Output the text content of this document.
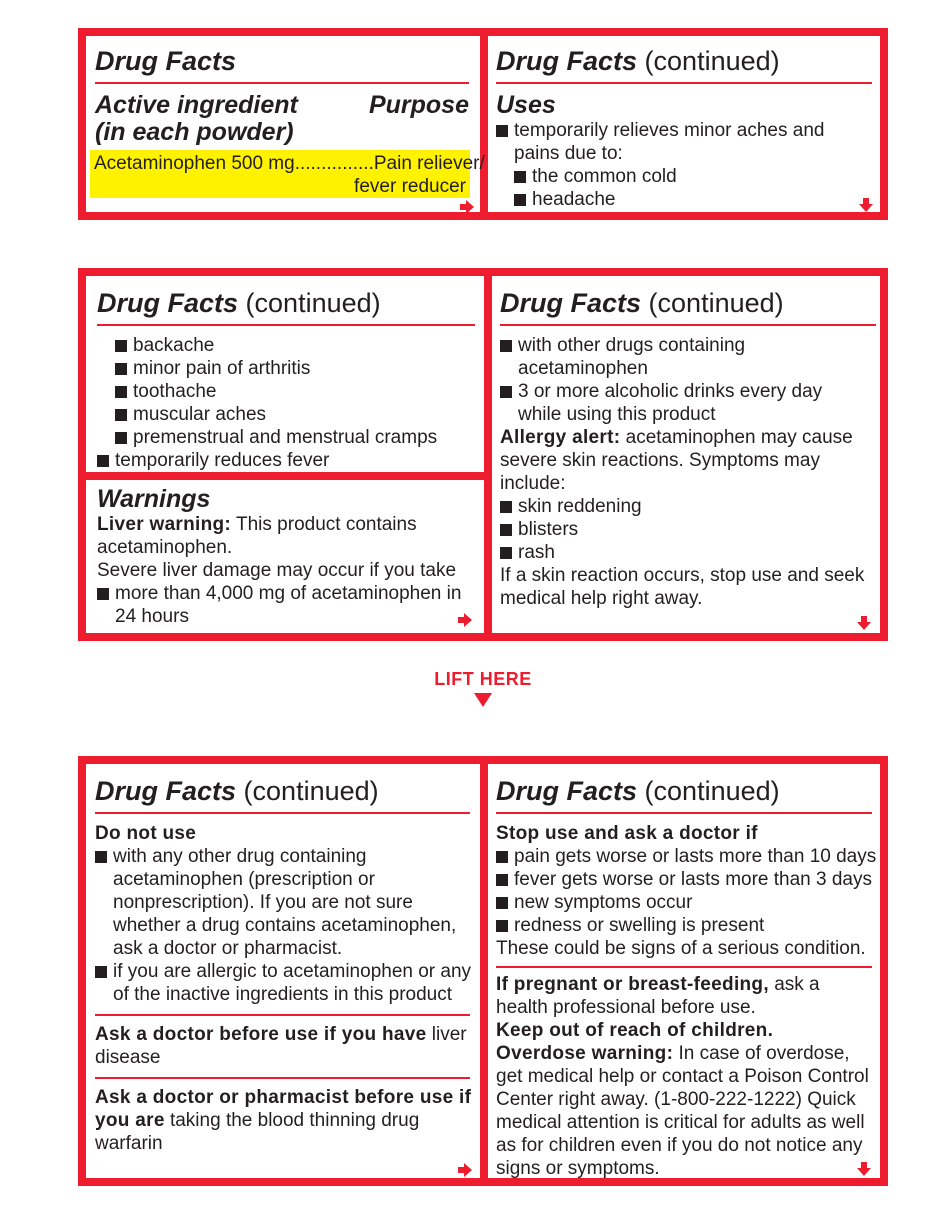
Drug Facts
Active ingredient	Purpose
(in each powder)
Acetaminophen 500 mg...............Pain reliever/
fever reducer
Drug Facts (continued)
Uses
temporarily relieves minor aches and
pains due to:
the common cold
headache
Drug Facts (continued)
backache
minor pain of arthritis
toothache
muscular aches
premenstrual and menstrual cramps
temporarily reduces fever
Warnings
Liver warning: This product contains
acetaminophen.
Severe liver damage may occur if you take
more than 4,000 mg of acetaminophen in
24 hours
Drug Facts (continued)
with other drugs containing
acetaminophen
3 or more alcoholic drinks every day
while using this product
Allergy alert: acetaminophen may cause
severe skin reactions. Symptoms may
include:
skin reddening
blisters
rash
If a skin reaction occurs, stop use and seek
medical help right away.
LIFT HERE
Drug Facts (continued)
Do not use
with any other drug containing
acetaminophen (prescription or
nonprescription). If you are not sure
whether a drug contains acetaminophen,
ask a doctor or pharmacist.
if you are allergic to acetaminophen or any
of the inactive ingredients in this product
Ask a doctor before use if you have liver
disease
Ask a doctor or pharmacist before use if
you are taking the blood thinning drug
warfarin
Drug Facts (continued)
Stop use and ask a doctor if
pain gets worse or lasts more than 10 days
fever gets worse or lasts more than 3 days
new symptoms occur
redness or swelling is present
These could be signs of a serious condition.
If pregnant or breast-feeding, ask a
health professional before use.
Keep out of reach of children.
Overdose warning: In case of overdose,
get medical help or contact a Poison Control
Center right away. (1-800-222-1222) Quick
medical attention is critical for adults as well
as for children even if you do not notice any
signs or symptoms.
